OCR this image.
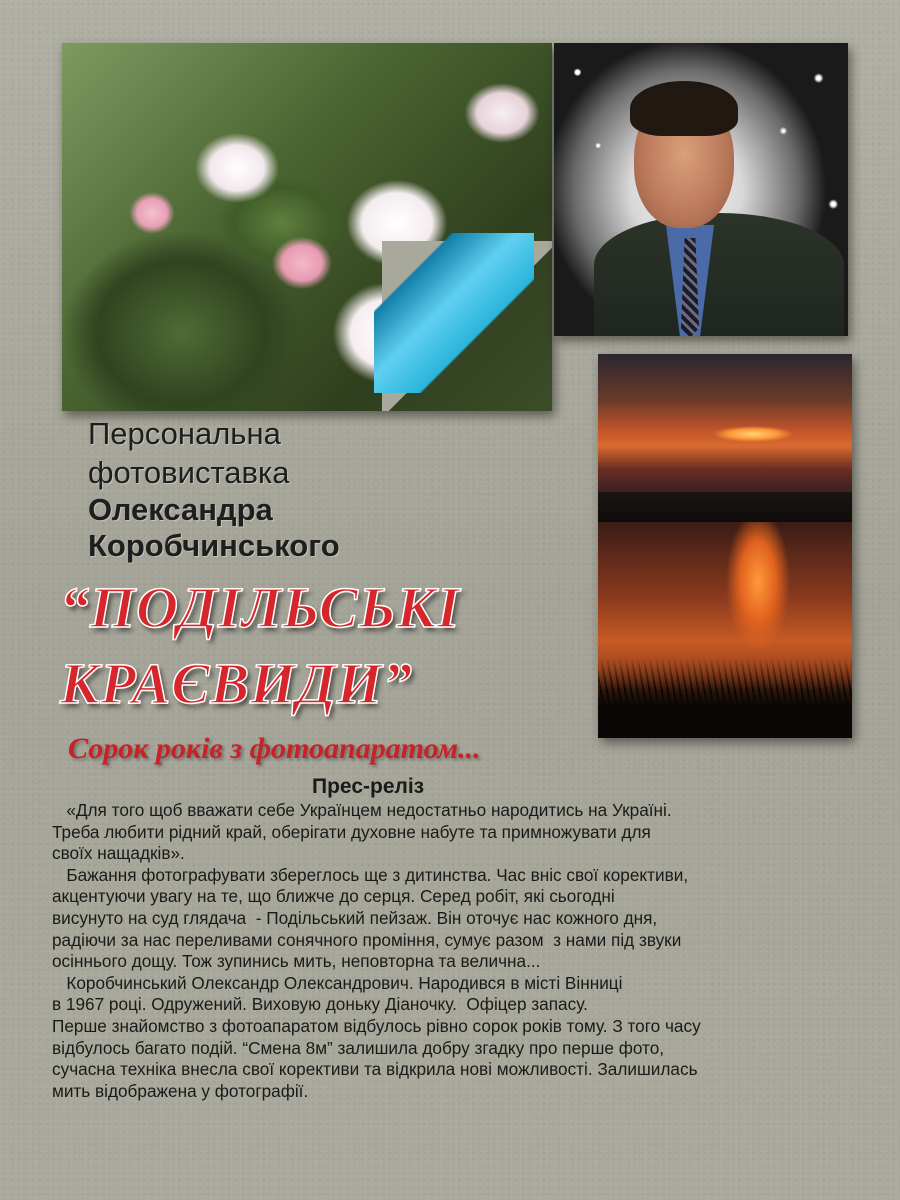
Персональна

фотовиставка

Олександра

Коробчинського

“ПОДІЛЬСЬКІ

КРАЄВИДИ”

Сорок років з фотоапаратом...

Прес-реліз

«Для того щоб вважати себе Українцем недостатньо народитись на Україні.
Треба любити рідний край, оберігати духовне набуте та примножувати для
своїх нащадків».
Бажання фотографувати збереглось ще з дитинства. Час вніс свої корективи,
акцентуючи увагу на те, що ближче до серця. Серед робіт, які сьогодні
висунуто на суд глядача  - Подільський пейзаж. Він оточує нас кожного дня,
радіючи за нас переливами сонячного проміння, сумує разом  з нами під звуки
осіннього дощу. Тож зупинись мить, неповторна та велична...
Коробчинський Олександр Олександрович. Народився в місті Вінниці
в 1967 році. Одружений. Виховую доньку Діаночку.  Офіцер запасу.
Перше знайомство з фотоапаратом відбулось рівно сорок років тому. З того часу
відбулось багато подій. “Смена 8м” залишила добру згадку про перше фото,
сучасна техніка внесла свої корективи та відкрила нові можливості. Залишилась
мить відображена у фотографії.
